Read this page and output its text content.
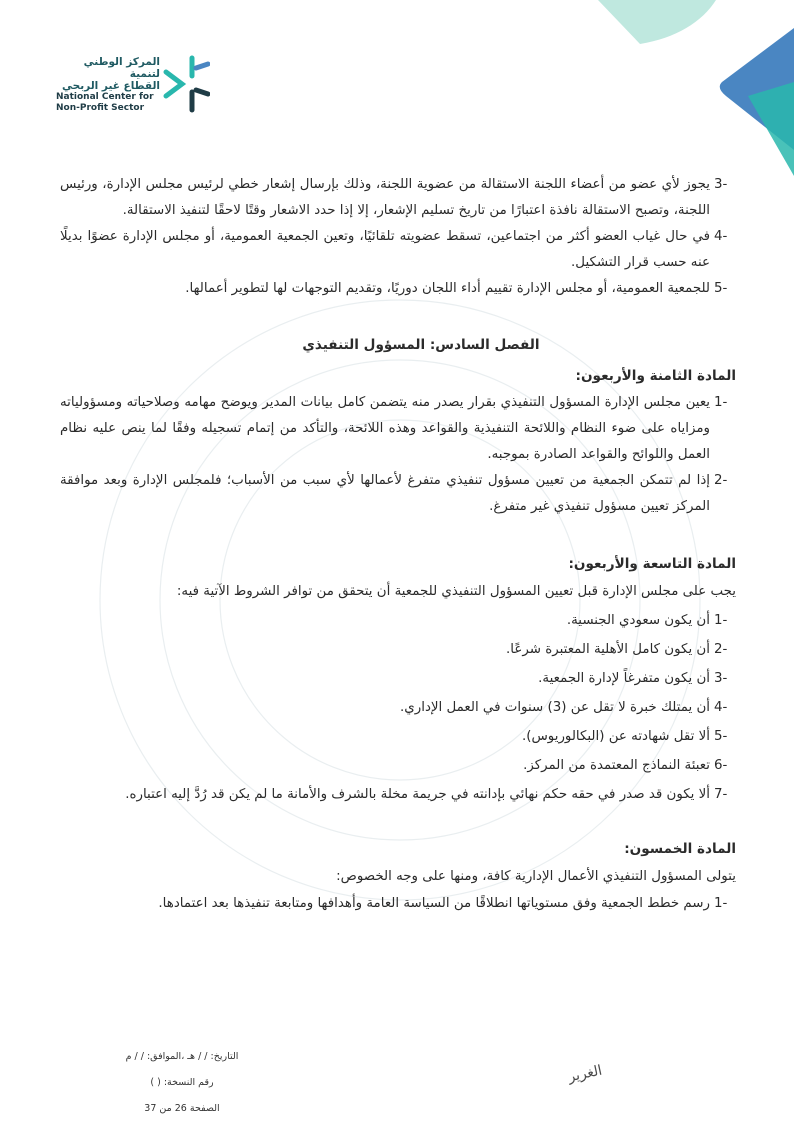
المركز الوطني لتنمية
القطاع غير الربحي
National Center for
Non-Profit Sector
3-
يجوز لأي عضو من أعضاء اللجنة الاستقالة من عضوية اللجنة، وذلك بإرسال إشعار خطي لرئيس مجلس الإدارة، ورئيس اللجنة، وتصبح الاستقالة نافذة اعتبارًا من تاريخ تسليم الإشعار، إلا إذا حدد الاشعار وقتًا لاحقًا لتنفيذ الاستقالة.
4-
في حال غياب العضو أكثر من اجتماعين، تسقط عضويته تلقائيًا، وتعين الجمعية العمومية، أو مجلس الإدارة عضوًا بديلًا عنه حسب قرار التشكيل.
5-
للجمعية العمومية، أو مجلس الإدارة تقييم أداء اللجان دوريًا، وتقديم التوجهات لها لتطوير أعمالها.
الفصل السادس: المسؤول التنفيذي
المادة الثامنة والأربعون:
1-
يعين مجلس الإدارة المسؤول التنفيذي بقرار يصدر منه يتضمن كامل بيانات المدير ويوضح مهامه وصلاحياته ومسؤولياته ومزاياه على ضوء النظام واللائحة التنفيذية والقواعد وهذه اللائحة، والتأكد من إتمام تسجيله وفقًا لما ينص عليه نظام العمل واللوائح والقواعد الصادرة بموجبه.
2-
إذا لم تتمكن الجمعية من تعيين مسؤول تنفيذي متفرغ لأعمالها لأي سبب من الأسباب؛ فلمجلس الإدارة وبعد موافقة المركز تعيين مسؤول تنفيذي غير متفرغ.
المادة التاسعة والأربعون:
يجب على مجلس الإدارة قبل تعيين المسؤول التنفيذي للجمعية أن يتحقق من توافر الشروط الآتية فيه:
1-
أن يكون سعودي الجنسية.
2-
أن يكون كامل الأهلية المعتبرة شرعًا.
3-
أن يكون متفرغاً لإدارة الجمعية.
4-
أن يمتلك خبرة لا تقل عن (3) سنوات في العمل الإداري.
5-
ألا تقل شهادته عن (البكالوريوس).
6-
تعبئة النماذج المعتمدة من المركز.
7-
ألا يكون قد صدر في حقه حكم نهائي بإدانته في جريمة مخلة بالشرف والأمانة ما لم يكن قد رُدَّ إليه اعتباره.
المادة الخمسون:
يتولى المسؤول التنفيذي الأعمال الإدارية كافة، ومنها على وجه الخصوص:
1-
رسم خطط الجمعية وفق مستوياتها انطلاقًا من السياسة العامة وأهدافها ومتابعة تنفيذها بعد اعتمادها.
التاريخ: / / هـ ،الموافق: / / م
رقم النسخة: ( )
الصفحة 26 من 37
الغرير
